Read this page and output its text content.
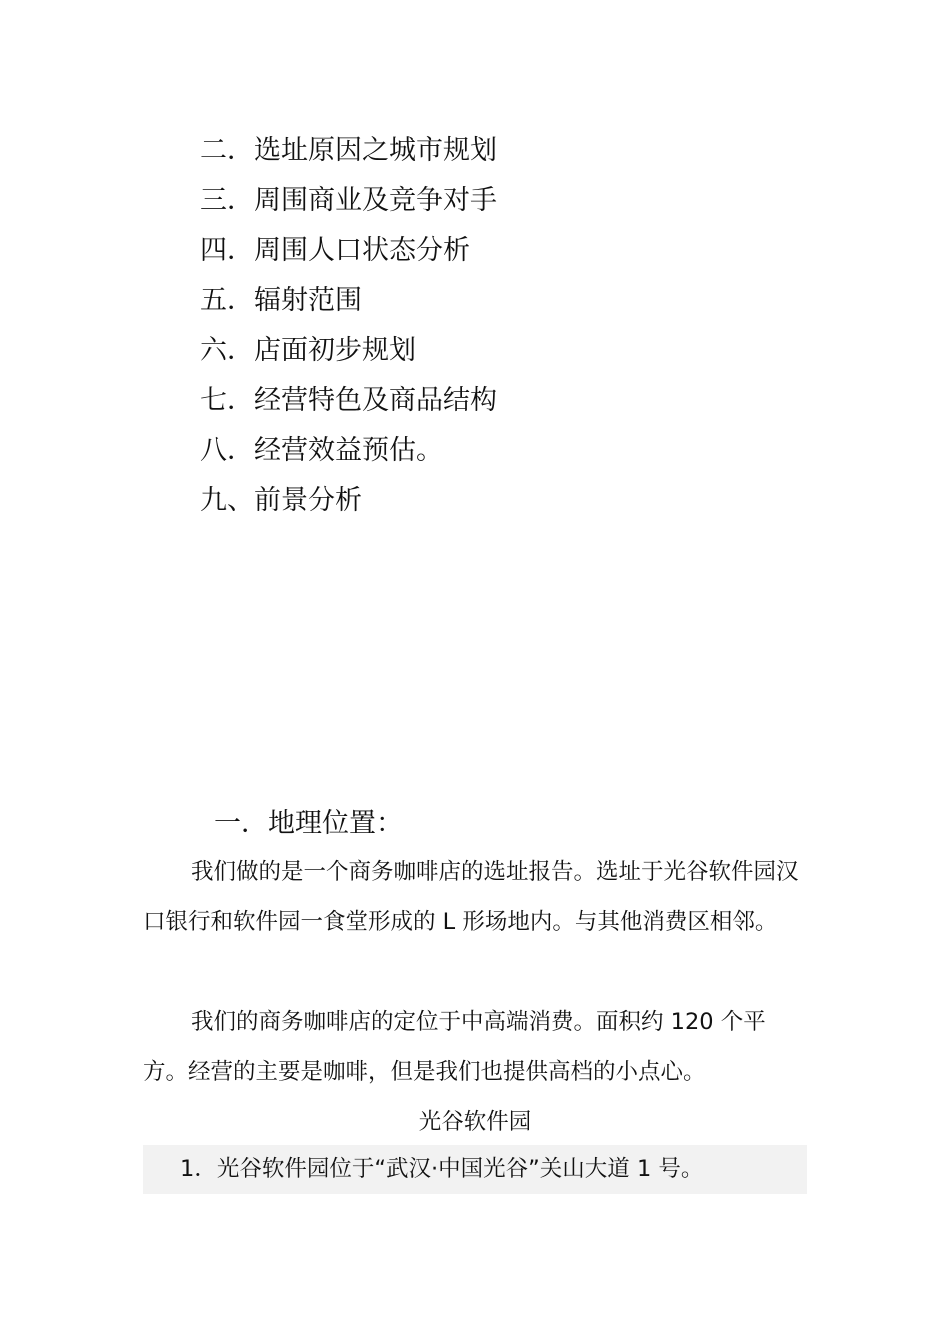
二．选址原因之城市规划
三．周围商业及竞争对手
四．周围人口状态分析
五．辐射范围
六．店面初步规划
七．经营特色及商品结构
八．经营效益预估。
九、前景分析
一．地理位置：

我们做的是一个商务咖啡店的选址报告。选址于光谷软件园汉口银行和软件园一食堂形成的 L 形场地内。与其他消费区相邻。

我们的商务咖啡店的定位于中高端消费。面积约 120 个平方。经营的主要是咖啡，但是我们也提供高档的小点心。

光谷软件园

1．光谷软件园位于“武汉·中国光谷”关山大道 1 号。
